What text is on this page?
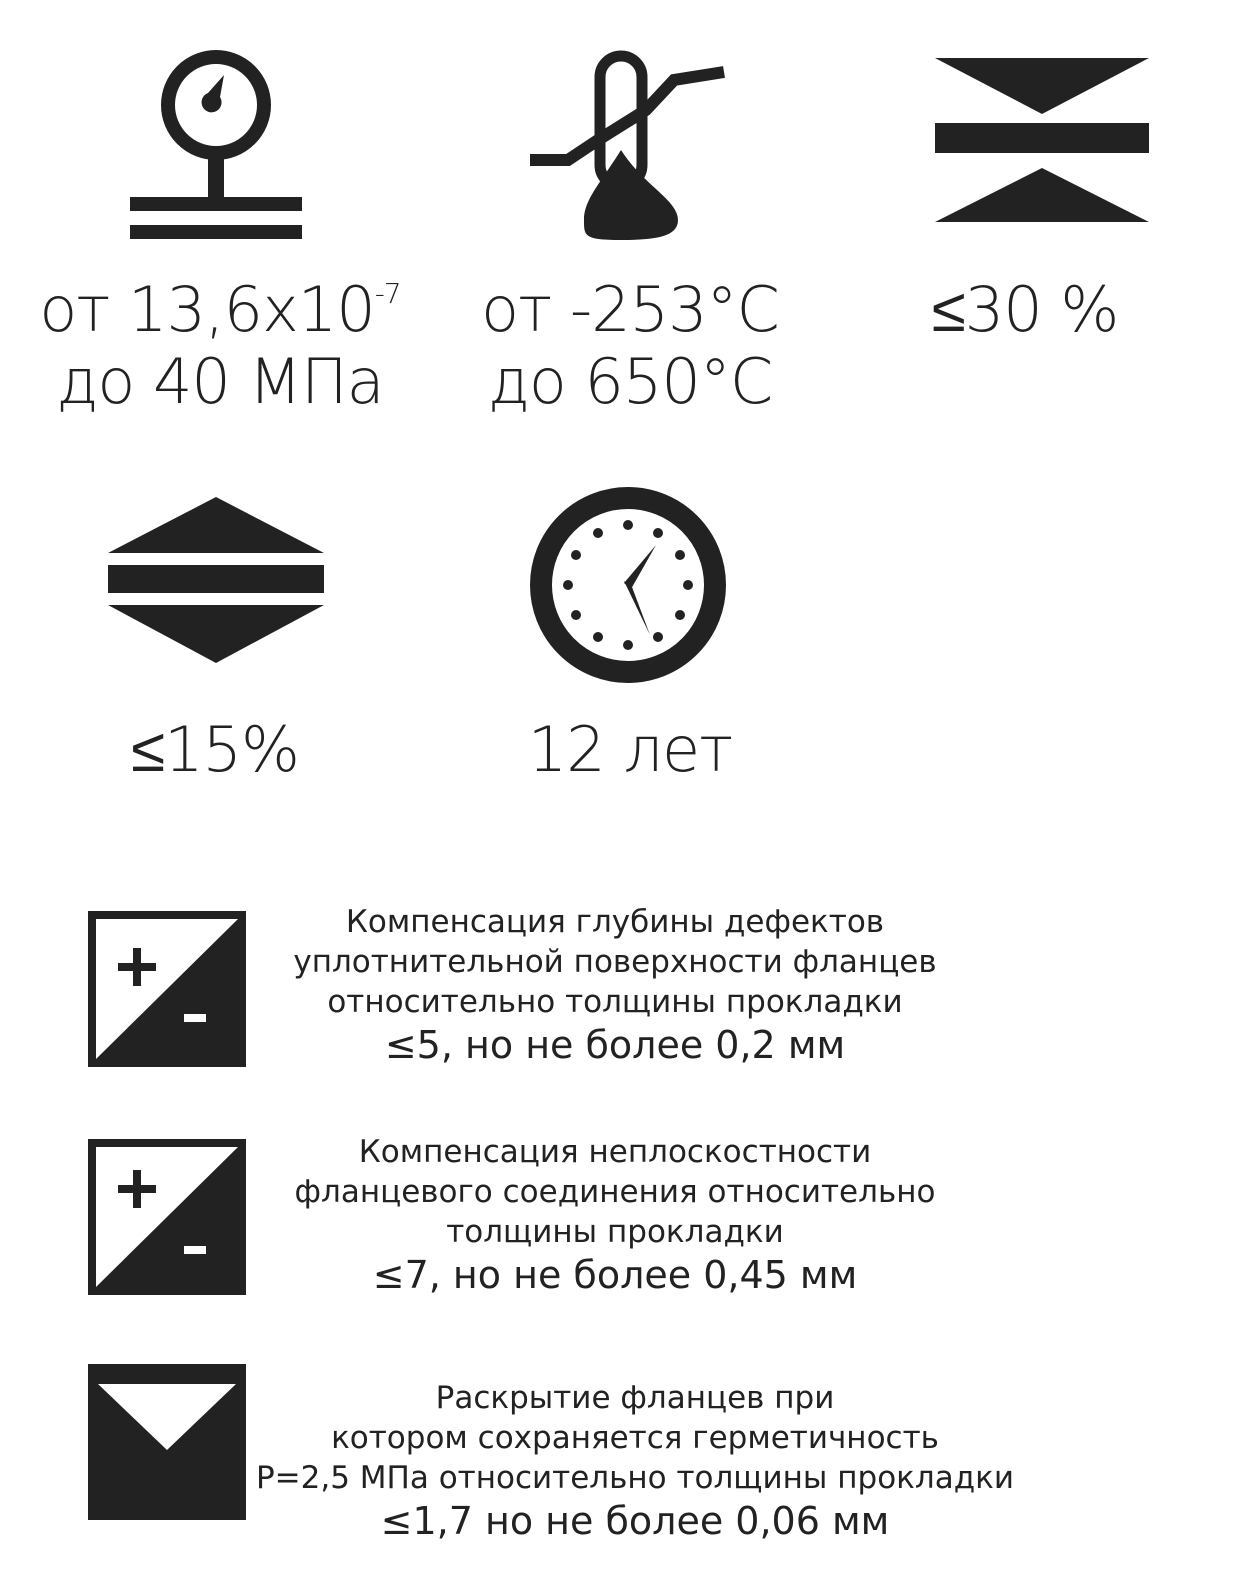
от $13,6х10^{-7}$
до 40 МПа
от -253°C
до 650°C
≤30 %
≤15%	12 лет
Компенсация глубины дефектов
уплотнительной поверхности фланцев
относительно толщины прокладки
≤5, но не более 0,2 мм
Компенсация неплоскостности
фланцевого соединения относительно
толщины прокладки
≤7, но не более 0,45 мм
Раскрытие фланцев при
котором сохраняется герметичность
Р=2,5 МПа относительно толщины прокладки
≤1,7 но не более 0,06 мм
